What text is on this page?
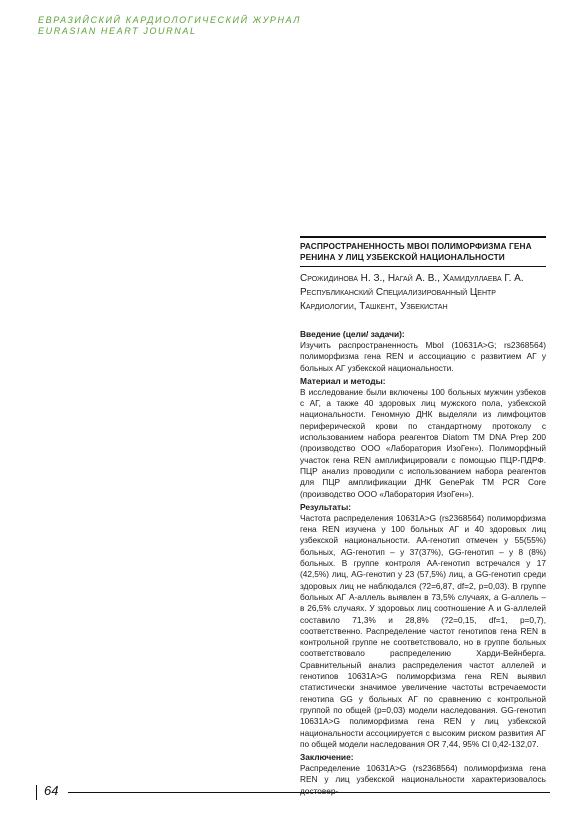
ЕВРАЗИЙСКИЙ КАРДИОЛОГИЧЕСКИЙ ЖУРНАЛ
EURASIAN HEART JOURNAL
РАСПРОСТРАНЕННОСТЬ MBOI ПОЛИМОРФИЗМА ГЕНА РЕНИНА У ЛИЦ УЗБЕКСКОЙ НАЦИОНАЛЬНОСТИ

Срожидинова Н. З., Нагай А. В., Хамидуллаева Г. А.

Республиканский Специализированный Центр Кардиологии, Ташкент, Узбекистан

Введение (цели/ задачи):

Изучить распространенность MboI (10631A>G; rs2368564) полиморфизма гена REN и ассоциацию с развитием АГ у больных АГ узбекской национальности.

Материал и методы:

В исследование были включены 100 больных мужчин узбеков с АГ, а также 40 здоровых лиц мужского пола, узбекской национальности. Геномную ДНК выделяли из лимфоцитов периферической крови по стандартному протоколу с использованием набора реагентов Diatom TM DNA Prep 200 (производство ООО «Лаборатория ИзоГен»). Полиморфный участок гена REN амплифицировали с помощью ПЦР-ПДРФ. ПЦР анализ проводили с использованием набора реагентов для ПЦР амплификации ДНК GenePak TM PCR Core (производство ООО «Лаборатория ИзоГен»).

Результаты:

Частота распределения 10631A>G (rs2368564) полиморфизма гена REN изучена у 100 больных АГ и 40 здоровых лиц узбекской национальности. АА-генотип отмечен у 55(55%) больных, AG-генотип – у 37(37%), GG-генотип – у 8 (8%) больных. В группе контроля АА-генотип встречался у 17 (42,5%) лиц, AG-генотип у 23 (57,5%) лиц, а GG-генотип среди здоровых лиц не наблюдался (?2=6,87, df=2, p=0,03). В группе больных АГ А-аллель выявлен в 73,5% случаях, а G-аллель – в 26,5% случаях. У здоровых лиц соотношение А и G-аллелей составило 71,3% и 28,8% (?2=0,15, df=1, p=0,7), соответственно. Распределение частот генотипов гена REN в контрольной группе не соответствовало, но в группе больных соответствовало распределению Харди-Вейнберга. Сравнительный анализ распределения частот аллелей и генотипов 10631A>G полиморфизма гена REN выявил статистически значимое увеличение частоты встречаемости генотипа GG у больных АГ по сравнению с контрольной группой по общей (p=0,03) модели наследования. GG-генотип 10631A>G полиморфизма гена REN у лиц узбекской национальности ассоциируется с высоким риском развития АГ по общей модели наследования OR 7,44, 95% CI 0,42-132,07.

Заключение:

Распределение 10631A>G (rs2368564) полиморфизма гена REN у лиц узбекской национальности характеризовалось достовер-

64
